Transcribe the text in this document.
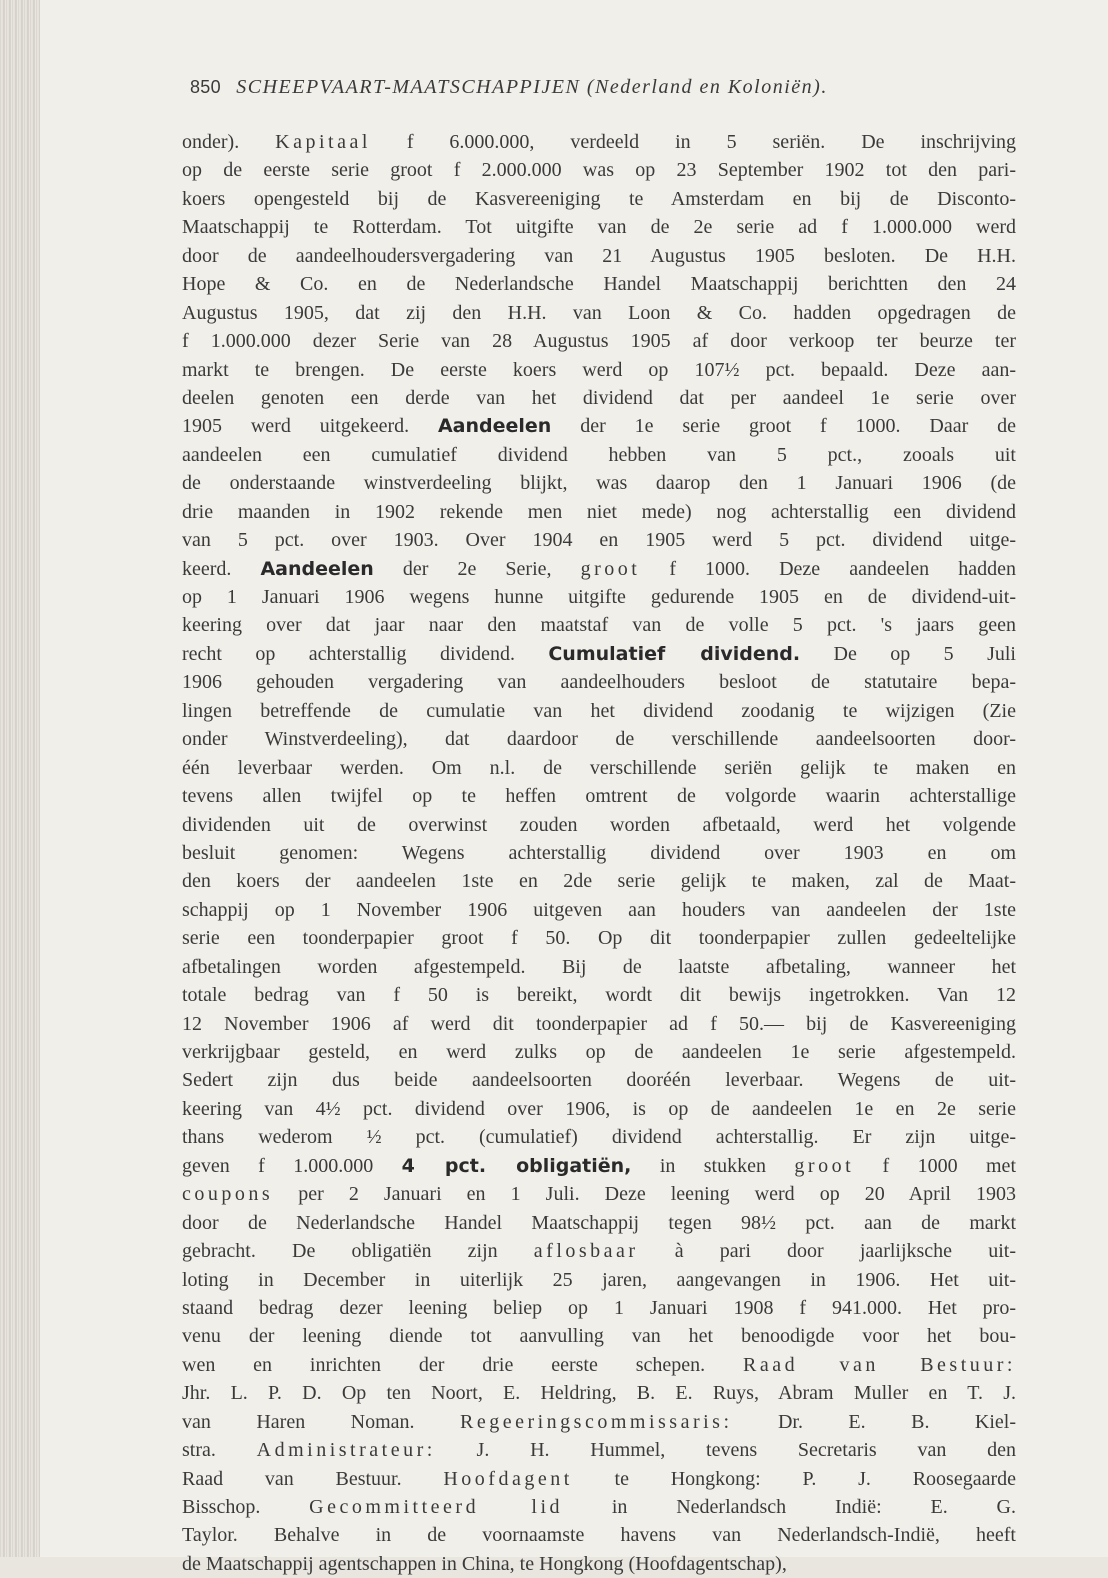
850 SCHEEPVAART-MAATSCHAPPIJEN (Nederland en Koloniën).
onder). Kapitaal f 6.000.000, verdeeld in 5 seriën. De inschrijving
op de eerste serie groot f 2.000.000 was op 23 September 1902 tot den pari-
koers opengesteld bij de Kasvereeniging te Amsterdam en bij de Disconto-
Maatschappij te Rotterdam. Tot uitgifte van de 2e serie ad f 1.000.000 werd
door de aandeelhoudersvergadering van 21 Augustus 1905 besloten. De H.H.
Hope & Co. en de Nederlandsche Handel Maatschappij berichtten den 24
Augustus 1905, dat zij den H.H. van Loon & Co. hadden opgedragen de
f 1.000.000 dezer Serie van 28 Augustus 1905 af door verkoop ter beurze ter
markt te brengen. De eerste koers werd op 107½ pct. bepaald. Deze aan-
deelen genoten een derde van het dividend dat per aandeel 1e serie over
1905 werd uitgekeerd. Aandeelen der 1e serie groot f 1000. Daar de
aandeelen een cumulatief dividend hebben van 5 pct., zooals uit
de onderstaande winstverdeeling blijkt, was daarop den 1 Januari 1906 (de
drie maanden in 1902 rekende men niet mede) nog achterstallig een dividend
van 5 pct. over 1903. Over 1904 en 1905 werd 5 pct. dividend uitge-
keerd. Aandeelen der 2e Serie, groot f 1000. Deze aandeelen hadden
op 1 Januari 1906 wegens hunne uitgifte gedurende 1905 en de dividend-uit-
keering over dat jaar naar den maatstaf van de volle 5 pct. 's jaars geen
recht op achterstallig dividend. Cumulatief dividend. De op 5 Juli
1906 gehouden vergadering van aandeelhouders besloot de statutaire bepa-
lingen betreffende de cumulatie van het dividend zoodanig te wijzigen (Zie
onder Winstverdeeling), dat daardoor de verschillende aandeelsoorten door-
één leverbaar werden. Om n.l. de verschillende seriën gelijk te maken en
tevens allen twijfel op te heffen omtrent de volgorde waarin achterstallige
dividenden uit de overwinst zouden worden afbetaald, werd het volgende
besluit genomen: Wegens achterstallig dividend over 1903 en om
den koers der aandeelen 1ste en 2de serie gelijk te maken, zal de Maat-
schappij op 1 November 1906 uitgeven aan houders van aandeelen der 1ste
serie een toonderpapier groot f 50. Op dit toonderpapier zullen gedeeltelijke
afbetalingen worden afgestempeld. Bij de laatste afbetaling, wanneer het
totale bedrag van f 50 is bereikt, wordt dit bewijs ingetrokken. Van 12
12 November 1906 af werd dit toonderpapier ad f 50.— bij de Kasvereeniging
verkrijgbaar gesteld, en werd zulks op de aandeelen 1e serie afgestempeld.
Sedert zijn dus beide aandeelsoorten dooréén leverbaar. Wegens de uit-
keering van 4½ pct. dividend over 1906, is op de aandeelen 1e en 2e serie
thans wederom ½ pct. (cumulatief) dividend achterstallig. Er zijn uitge-
geven f 1.000.000 4 pct. obligatiën, in stukken groot f 1000 met
coupons per 2 Januari en 1 Juli. Deze leening werd op 20 April 1903
door de Nederlandsche Handel Maatschappij tegen 98½ pct. aan de markt
gebracht. De obligatiën zijn aflosbaar à pari door jaarlijksche uit-
loting in December in uiterlijk 25 jaren, aangevangen in 1906. Het uit-
staand bedrag dezer leening beliep op 1 Januari 1908 f 941.000. Het pro-
venu der leening diende tot aanvulling van het benoodigde voor het bou-
wen en inrichten der drie eerste schepen. Raad van Bestuur:
Jhr. L. P. D. Op ten Noort, E. Heldring, B. E. Ruys, Abram Muller en T. J.
van Haren Noman. Regeeringscommissaris: Dr. E. B. Kiel-
stra. Administrateur: J. H. Hummel, tevens Secretaris van den
Raad van Bestuur. Hoofdagent te Hongkong: P. J. Roosegaarde
Bisschop. Gecommitteerd lid in Nederlandsch Indië: E. G.
Taylor. Behalve in de voornaamste havens van Nederlandsch-Indië, heeft
de Maatschappij agentschappen in China, te Hongkong (Hoofdagentschap),
